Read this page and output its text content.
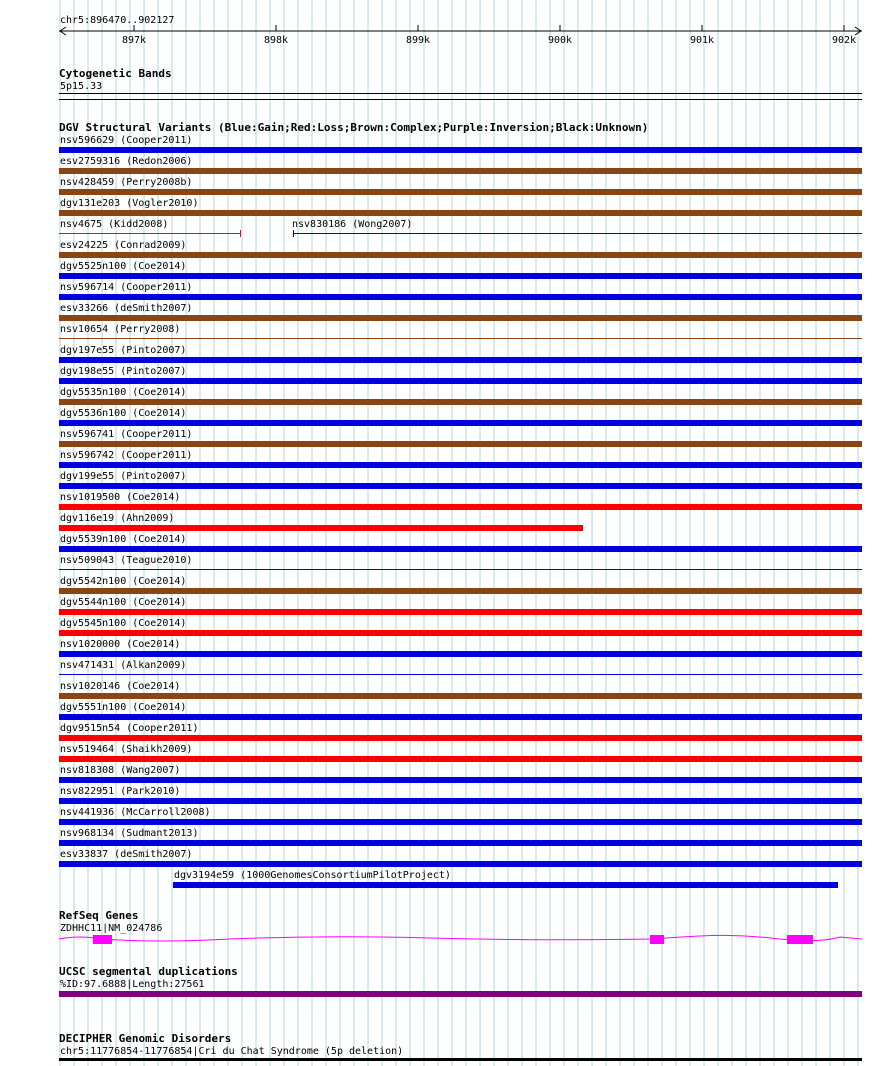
chr5:896470..902127
Cytogenetic Bands
5p15.33
DGV Structural Variants (Blue:Gain;Red:Loss;Brown:Complex;Purple:Inversion;Black:Unknown)
nsv596629 (Cooper2011)
esv2759316 (Redon2006)
nsv428459 (Perry2008b)
dgv131e203 (Vogler2010)
nsv4675 (Kidd2008)	nsv830186 (Wong2007)
esv24225 (Conrad2009)
dgv5525n100 (Coe2014)
nsv596714 (Cooper2011)
esv33266 (deSmith2007)
nsv10654 (Perry2008)
dgv197e55 (Pinto2007)
dgv198e55 (Pinto2007)
dgv5535n100 (Coe2014)
dgv5536n100 (Coe2014)
nsv596741 (Cooper2011)
nsv596742 (Cooper2011)
dgv199e55 (Pinto2007)
nsv1019500 (Coe2014)
dgv116e19 (Ahn2009)
dgv5539n100 (Coe2014)
nsv509043 (Teague2010)
dgv5542n100 (Coe2014)
dgv5544n100 (Coe2014)
dgv5545n100 (Coe2014)
nsv1020000 (Coe2014)
nsv471431 (Alkan2009)
nsv1020146 (Coe2014)
dgv5551n100 (Coe2014)
dgv9515n54 (Cooper2011)
nsv519464 (Shaikh2009)
nsv818308 (Wang2007)
nsv822951 (Park2010)
nsv441936 (McCarroll2008)
nsv968134 (Sudmant2013)
esv33837 (deSmith2007)
dgv3194e59 (1000GenomesConsortiumPilotProject)
RefSeq Genes
ZDHHC11|NM_024786
UCSC segmental duplications
%ID:97.6888|Length:27561
DECIPHER Genomic Disorders
chr5:11776854-11776854|Cri du Chat Syndrome (5p deletion)
897k	898k	899k	900k	901k	902k
